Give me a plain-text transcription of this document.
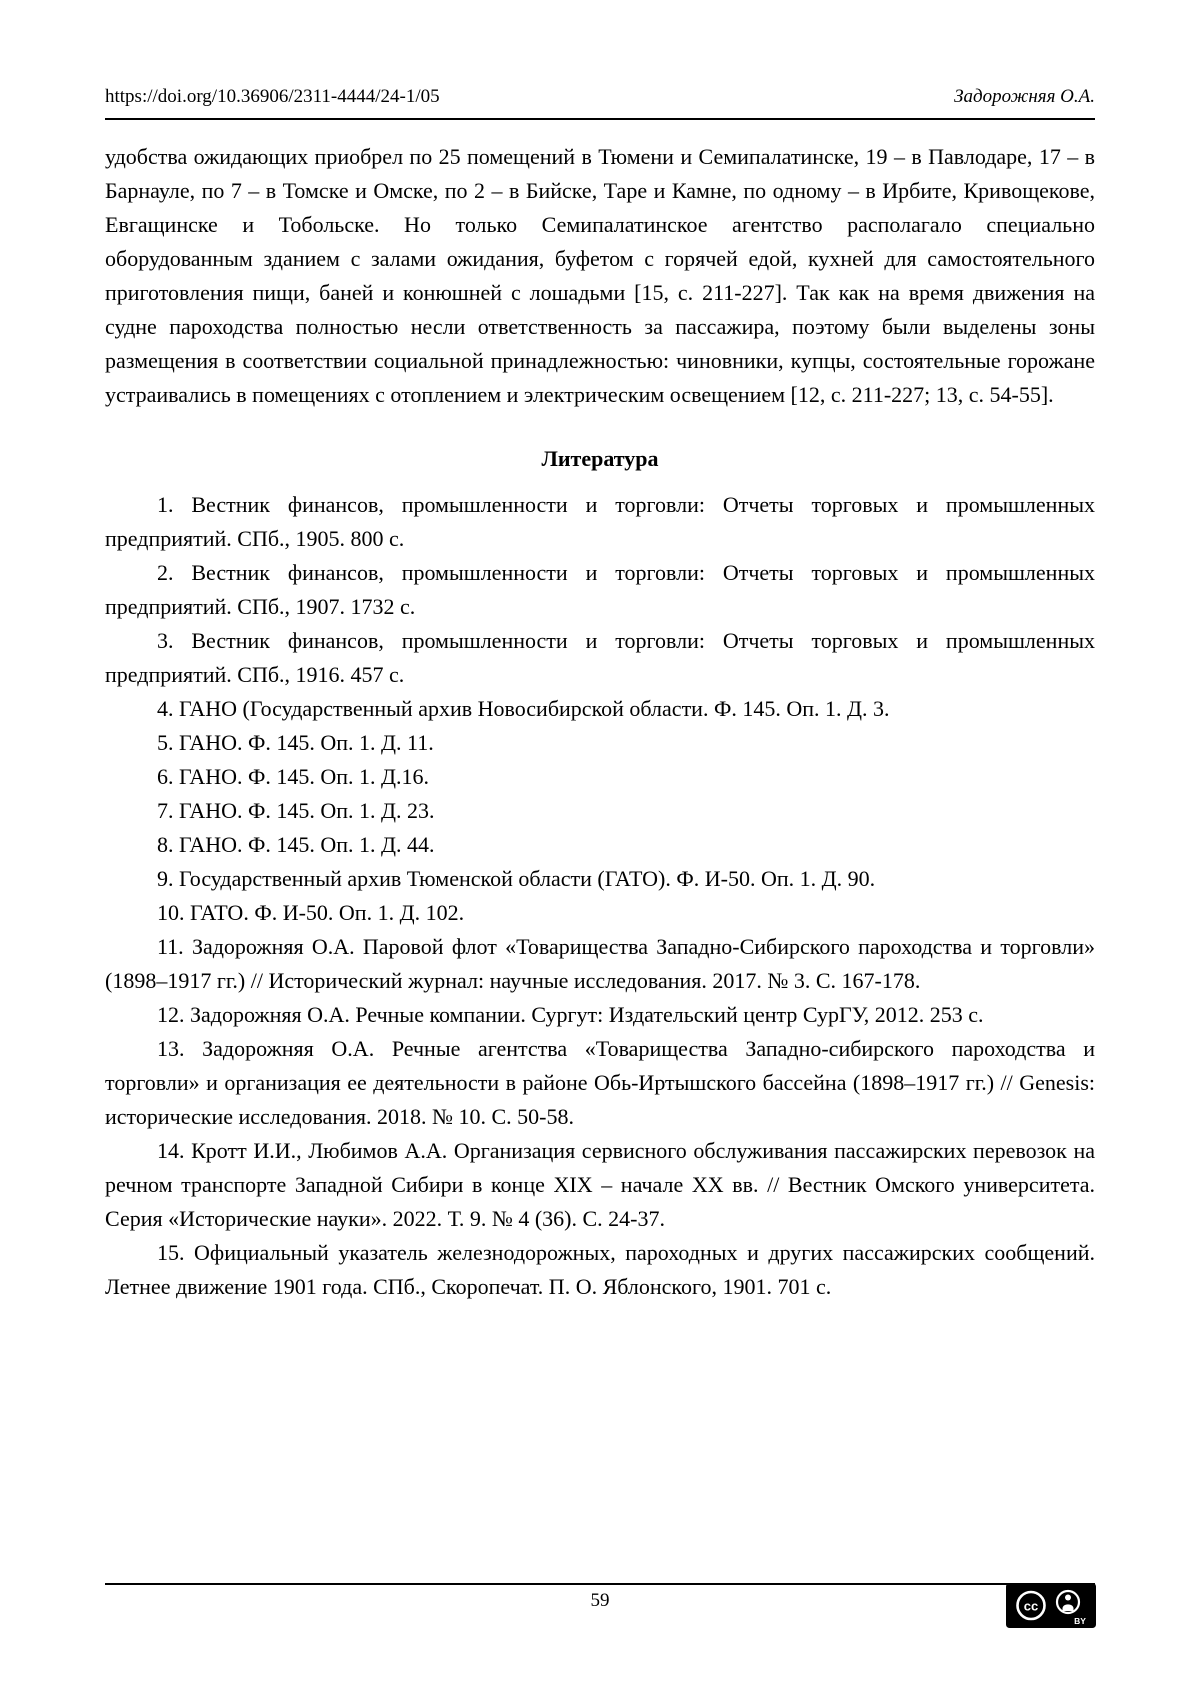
https://doi.org/10.36906/2311-4444/24-1/05	Задорожняя О.А.

удобства ожидающих приобрел по 25 помещений в Тюмени и Семипалатинске, 19 – в Павлодаре, 17 – в Барнауле, по 7 – в Томске и Омске, по 2 – в Бийске, Таре и Камне, по одному – в Ирбите, Кривощекове, Евгащинске и Тобольске. Но только Семипалатинское агентство располагало специально оборудованным зданием с залами ожидания, буфетом с горячей едой, кухней для самостоятельного приготовления пищи, баней и конюшней с лошадьми [15, с. 211-227]. Так как на время движения на судне пароходства полностью несли ответственность за пассажира, поэтому были выделены зоны размещения в соответствии социальной принадлежностью: чиновники, купцы, состоятельные горожане устраивались в помещениях с отоплением и электрическим освещением [12, с. 211-227; 13, с. 54-55].

Литература

1. Вестник финансов, промышленности и торговли: Отчеты торговых и промышленных предприятий. СПб., 1905. 800 с.

2. Вестник финансов, промышленности и торговли: Отчеты торговых и промышленных предприятий. СПб., 1907. 1732 с.

3. Вестник финансов, промышленности и торговли: Отчеты торговых и промышленных предприятий. СПб., 1916. 457 с.

4. ГАНО (Государственный архив Новосибирской области. Ф. 145. Оп. 1. Д. 3.

5. ГАНО. Ф. 145. Оп. 1. Д. 11.

6. ГАНО. Ф. 145. Оп. 1. Д.16.

7. ГАНО. Ф. 145. Оп. 1. Д. 23.

8. ГАНО. Ф. 145. Оп. 1. Д. 44.

9. Государственный архив Тюменской области (ГАТО). Ф. И-50. Оп. 1. Д. 90.

10. ГАТО. Ф. И-50. Оп. 1. Д. 102.

11. Задорожняя О.А. Паровой флот «Товарищества Западно-Сибирского пароходства и торговли» (1898–1917 гг.) // Исторический журнал: научные исследования. 2017. № 3. С. 167-178.

12. Задорожняя О.А. Речные компании. Сургут: Издательский центр СурГУ, 2012. 253 с.

13. Задорожняя О.А. Речные агентства «Товарищества Западно-сибирского пароходства и торговли» и организация ее деятельности в районе Обь-Иртышского бассейна (1898–1917 гг.) // Genesis: исторические исследования. 2018. № 10. С. 50-58.

14. Кротт И.И., Любимов А.А. Организация сервисного обслуживания пассажирских перевозок на речном транспорте Западной Сибири в конце XIX – начале XX вв. // Вестник Омского университета. Серия «Исторические науки». 2022. Т. 9. № 4 (36). С. 24-37.

15. Официальный указатель железнодорожных, пароходных и других пассажирских сообщений. Летнее движение 1901 года. СПб., Скоропечат. П. О. Яблонского, 1901. 701 с.

59	cc
BY
